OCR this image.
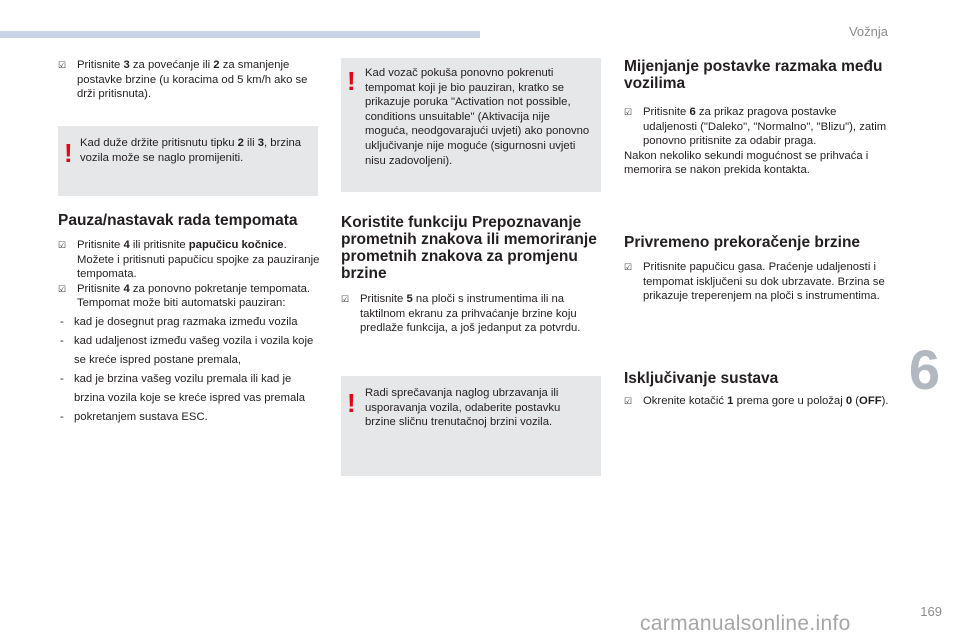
Vožnja
6
169

☑ Pritisnite 3 za povećanje ili 2 za smanjenje postavke brzine (u koracima od 5 km/h ako se drži pritisnuta).

! Kad duže držite pritisnutu tipku 2 ili 3, brzina vozila može se naglo promijeniti.

Pauza/nastavak rada tempomata

☑ Pritisnite 4 ili pritisnite papučicu kočnice. Možete i pritisnuti papučicu spojke za pauziranje tempomata.

☑ Pritisnite 4 za ponovno pokretanje tempomata. Tempomat može biti automatski pauziran:

- kad je dosegnut prag razmaka između vozila

- kad udaljenost između vašeg vozila i vozila koje se kreće ispred postane premala,

- kad je brzina vašeg vozilu premala ili kad je brzina vozila koje se kreće ispred vas premala

- pokretanjem sustava ESC.

! Kad vozač pokuša ponovno pokrenuti tempomat koji je bio pauziran, kratko se prikazuje poruka "Activation not possible, conditions unsuitable" (Aktivacija nije moguća, neodgovarajući uvjeti) ako ponovno uključivanje nije moguće (sigurnosni uvjeti nisu zadovoljeni).

Koristite funkciju Prepoznavanje prometnih znakova ili memoriranje prometnih znakova za promjenu brzine

☑ Pritisnite 5 na ploči s instrumentima ili na taktilnom ekranu za prihvaćanje brzine koju predlaže funkcija, a još jedanput za potvrdu.

! Radi sprečavanja naglog ubrzavanja ili usporavanja vozila, odaberite postavku brzine sličnu trenutačnoj brzini vozila.

Mijenjanje postavke razmaka među vozilima

☑ Pritisnite 6 za prikaz pragova postavke udaljenosti ("Daleko", "Normalno", "Blizu"), zatim ponovno pritisnite za odabir praga.

Nakon nekoliko sekundi mogućnost se prihvaća i memorira se nakon prekida kontakta.

Privremeno prekoračenje brzine

☑ Pritisnite papučicu gasa. Praćenje udaljenosti i tempomat isključeni su dok ubrzavate. Brzina se prikazuje treperenjem na ploči s instrumentima.

Isključivanje sustava

☑ Okrenite kotačić 1 prema gore u položaj 0 (OFF).

carmanualsonline.info
